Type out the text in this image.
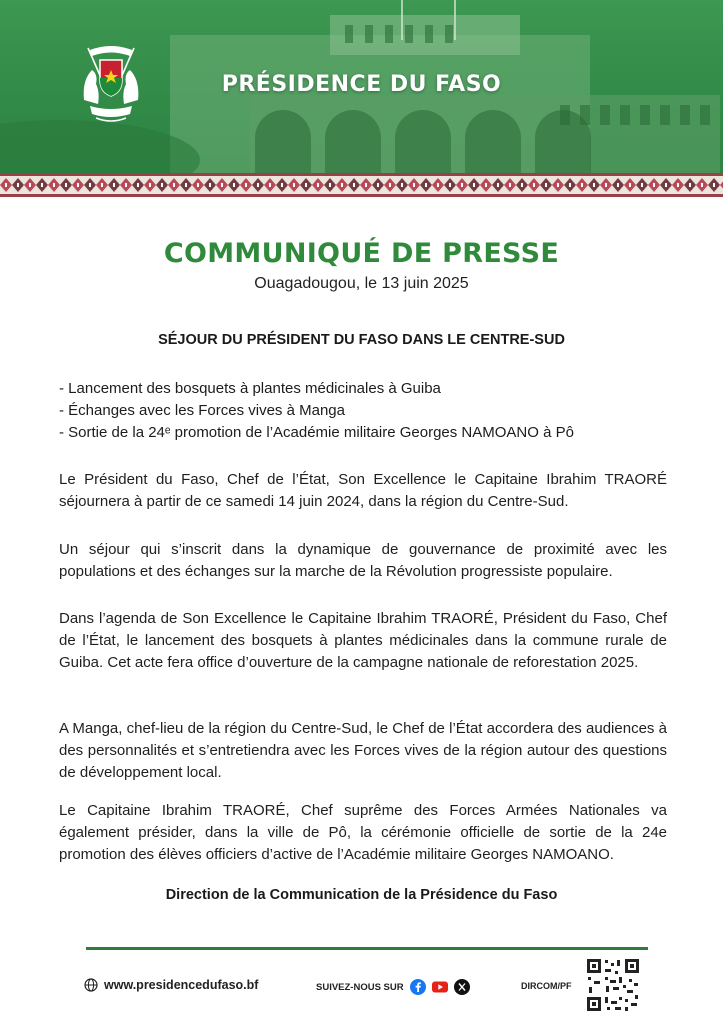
PRÉSIDENCE DU FASO
COMMUNIQUÉ DE PRESSE
Ouagadougou, le 13 juin 2025
SÉJOUR DU PRÉSIDENT DU FASO DANS LE CENTRE-SUD
- Lancement des bosquets à plantes médicinales à Guiba
- Échanges avec les Forces vives à Manga
- Sortie de la 24ᵉ promotion de l’Académie militaire Georges NAMOANO à Pô
Le Président du Faso, Chef de l’État, Son Excellence le Capitaine Ibrahim TRAORÉ séjournera à partir de ce samedi 14 juin 2024, dans la région du Centre-Sud.
Un séjour qui s’inscrit dans la dynamique de gouvernance de proximité avec les populations et des échanges sur la marche de la Révolution progressiste populaire.
Dans l’agenda de Son Excellence le Capitaine Ibrahim TRAORÉ, Président du Faso, Chef de l’État, le lancement des bosquets à plantes médicinales dans la commune rurale de Guiba. Cet acte fera office d’ouverture de la campagne nationale de reforestation 2025.
A Manga, chef-lieu de la région du Centre-Sud, le Chef de l’État accordera des audiences à des personnalités et s’entretiendra avec les Forces vives de la région autour des questions de développement local.
Le Capitaine Ibrahim TRAORÉ, Chef suprême des Forces Armées Nationales va également présider, dans la ville de Pô, la cérémonie officielle de sortie de la 24e promotion des élèves officiers d’active de l’Académie militaire Georges NAMOANO.
Direction de la Communication de la Présidence du Faso
www.presidencedufaso.bf	SUIVEZ-NOUS SUR	DIRCOM/PF
